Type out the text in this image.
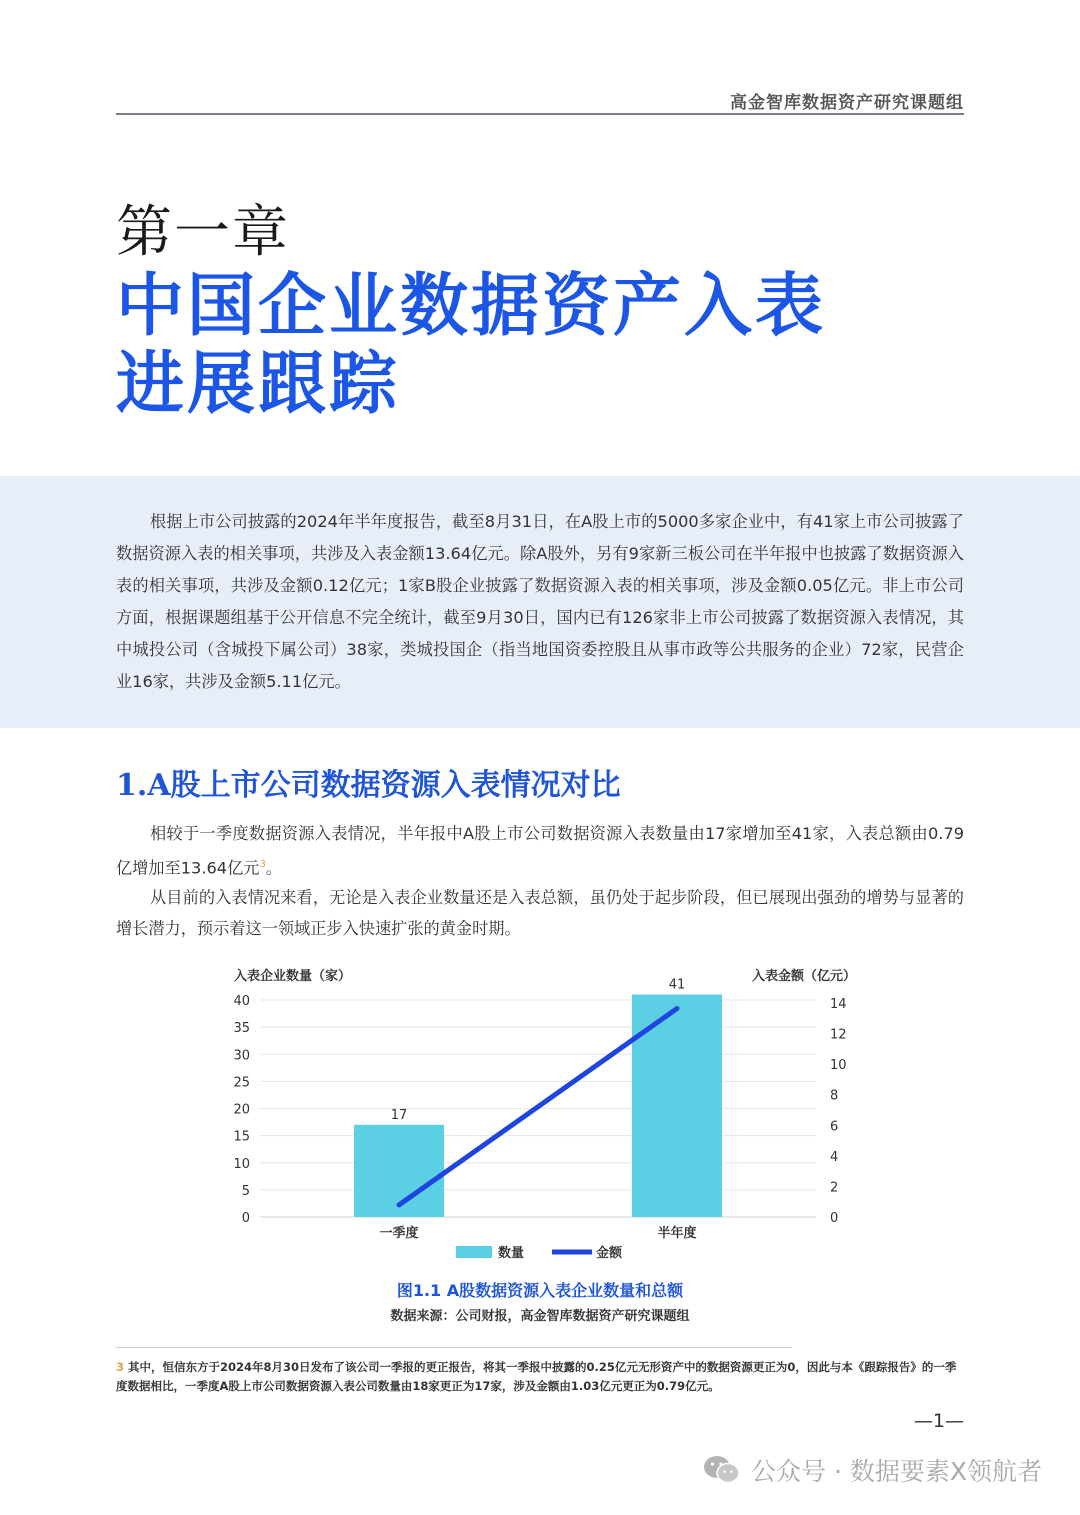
高金智库数据资产研究课题组
第一章
中国企业数据资产入表
进展跟踪

根据上市公司披露的2024年半年度报告，截至8月31日，在A股上市的5000多家企业中，有41家上市公司披露了数据资源入表的相关事项，共涉及入表金额13.64亿元。除A股外，另有9家新三板公司在半年报中也披露了数据资源入表的相关事项，共涉及金额0.12亿元；1家B股企业披露了数据资源入表的相关事项，涉及金额0.05亿元。非上市公司方面，根据课题组基于公开信息不完全统计，截至9月30日，国内已有126家非上市公司披露了数据资源入表情况，其中城投公司（含城投下属公司）38家，类城投国企（指当地国资委控股且从事市政等公共服务的企业）72家，民营企业16家，共涉及金额5.11亿元。

1.A股上市公司数据资源入表情况对比

相较于一季度数据资源入表情况，半年报中A股上市公司数据资源入表数量由17家增加至41家，入表总额由0.79亿增加至13.64亿元$^3$。

从目前的入表情况来看，无论是入表企业数量还是入表总额，虽仍处于起步阶段，但已展现出强劲的增势与显著的增长潜力，预示着这一领域正步入快速扩张的黄金时期。

入表企业数量（家）	入表金额（亿元）
0
5
10
15
20
25
30
35
40
0
2
4
6
8
10
12
14
17
41
一季度	半年度
数量	金额
图1.1 A股数据资源入表企业数量和总额
数据来源：公司财报，高金智库数据资产研究课题组
3 其中，恒信东方于2024年8月30日发布了该公司一季报的更正报告，将其一季报中披露的0.25亿元无形资产中的数据资源更正为0，因此与本《跟踪报告》的一季度数据相比，一季度A股上市公司数据资源入表公司数量由18家更正为17家，涉及金额由1.03亿元更正为0.79亿元。
—1—
公众号 · 数据要素X领航者
